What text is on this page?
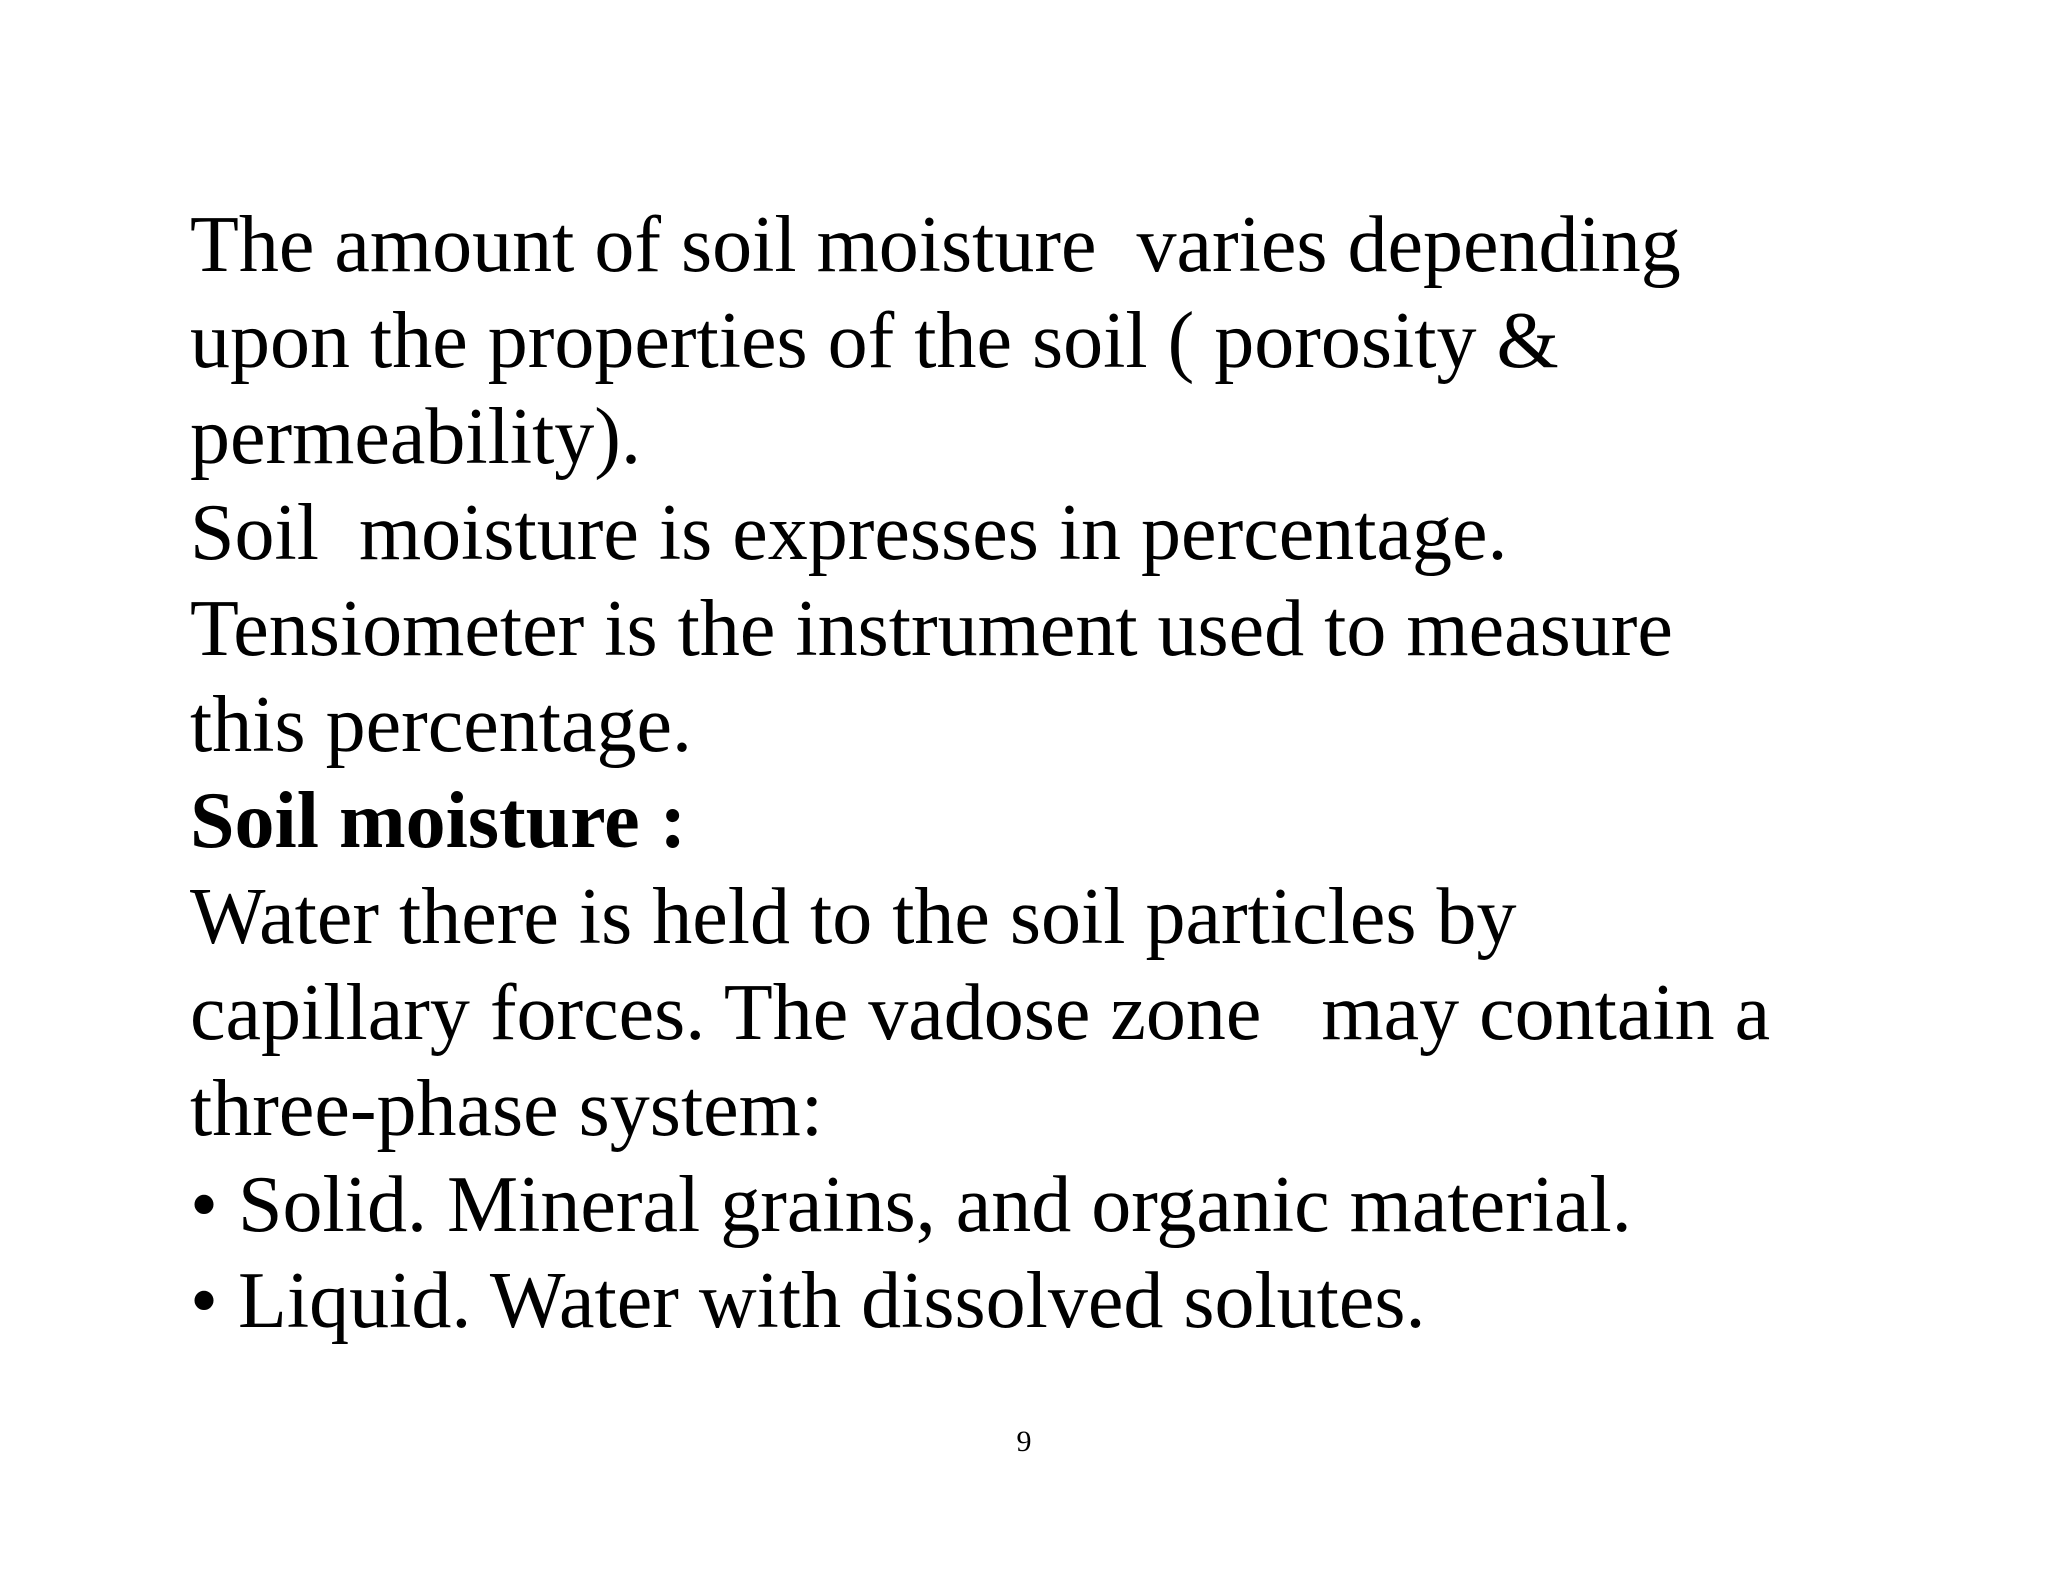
The amount of soil moisture  varies depending

upon the properties of the soil ( porosity &

permeability).

Soil  moisture is expresses in percentage.

Tensiometer is the instrument used to measure

this percentage.

Soil moisture :

Water there is held to the soil particles by

capillary forces. The vadose zone   may contain a

three-phase system:

• Solid. Mineral grains, and organic material.

• Liquid. Water with dissolved solutes.

9
